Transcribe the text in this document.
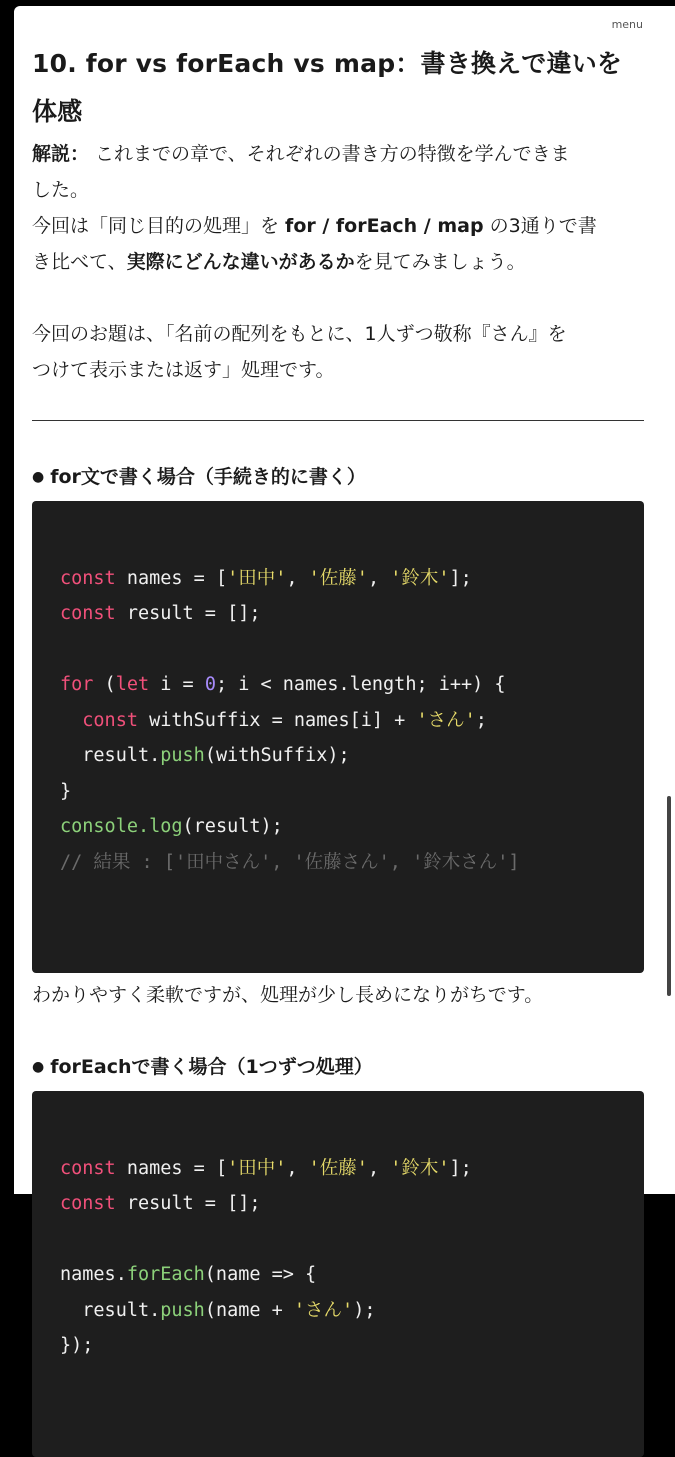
menu
10. for vs forEach vs map：書き換えで違いを
体感

解説： これまでの章で、それぞれの書き方の特徴を学んできま
した。
今回は「同じ目的の処理」を for / forEach / map の3通りで書
き比べて、実際にどんな違いがあるかを見てみましょう。

今回のお題は、「名前の配列をもとに、1人ずつ敬称『さん』を
つけて表示または返す」処理です。

● for文で書く場合（手続き的に書く）

const names = ['田中', '佐藤', '鈴木'];
const result = [];
for (let i = 0; i < names.length; i++) {
const withSuffix = names[i] + 'さん';
result.push(withSuffix);
}
console.log(result);
// 結果 : ['田中さん', '佐藤さん', '鈴木さん']

わかりやすく柔軟ですが、処理が少し長めになりがちです。

● forEachで書く場合（1つずつ処理）

const names = ['田中', '佐藤', '鈴木'];
const result = [];
names.forEach(name => {
result.push(name + 'さん');
});
